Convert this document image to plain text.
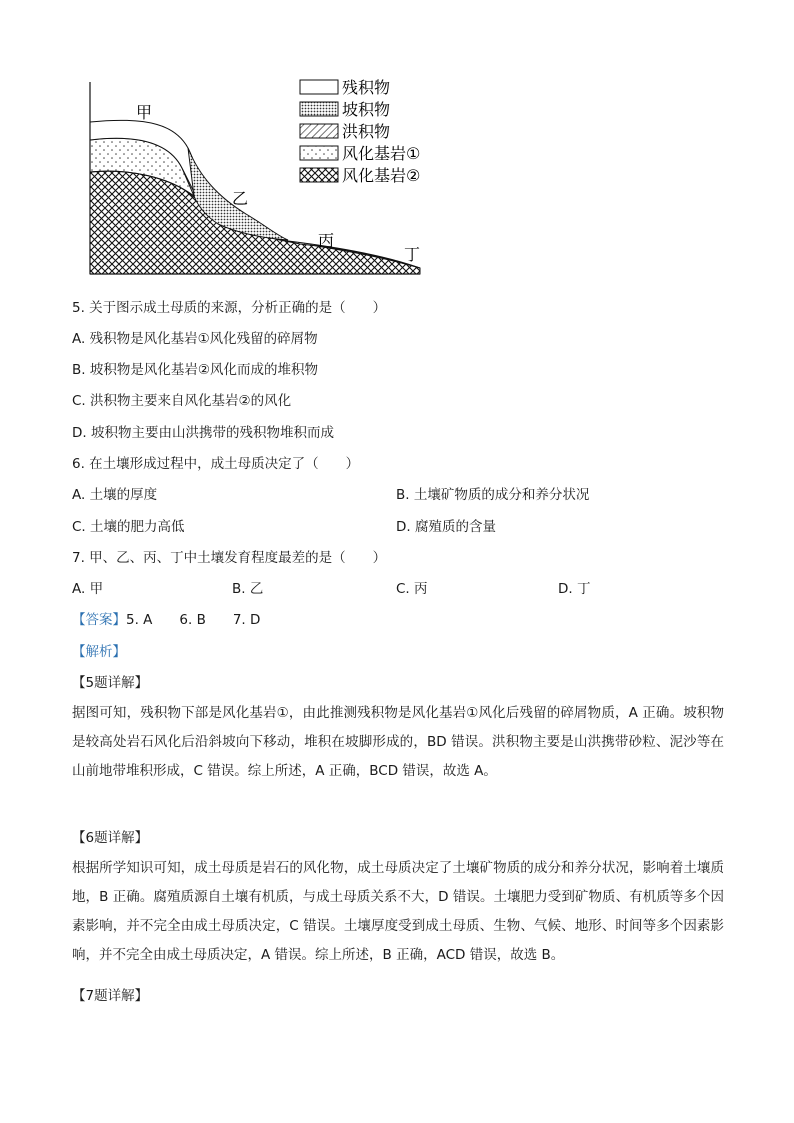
甲
乙
丙
丁
残积物
坡积物
洪积物
风化基岩①
风化基岩②
5. 关于图示成土母质的来源，分析正确的是（　　）
A. 残积物是风化基岩①风化残留的碎屑物
B. 坡积物是风化基岩②风化而成的堆积物
C. 洪积物主要来自风化基岩②的风化
D. 坡积物主要由山洪携带的残积物堆积而成
6. 在土壤形成过程中，成土母质决定了（　　）
A. 土壤的厚度	B. 土壤矿物质的成分和养分状况
C. 土壤的肥力高低	D. 腐殖质的含量
7. 甲、乙、丙、丁中土壤发育程度最差的是（　　）
A. 甲	B. 乙	C. 丙	D. 丁
【答案】5. A　　6. B　　7. D
【解析】
【5题详解】
据图可知，残积物下部是风化基岩①，由此推测残积物是风化基岩①风化后残留的碎屑物质，A 正确。坡积物是较高处岩石风化后沿斜坡向下移动，堆积在坡脚形成的，BD 错误。洪积物主要是山洪携带砂粒、泥沙等在山前地带堆积形成，C 错误。综上所述，A 正确，BCD 错误，故选 A。
【6题详解】
根据所学知识可知，成土母质是岩石的风化物，成土母质决定了土壤矿物质的成分和养分状况，影响着土壤质地，B 正确。腐殖质源自土壤有机质，与成土母质关系不大，D 错误。土壤肥力受到矿物质、有机质等多个因素影响，并不完全由成土母质决定，C 错误。土壤厚度受到成土母质、生物、气候、地形、时间等多个因素影响，并不完全由成土母质决定，A 错误。综上所述，B 正确，ACD 错误，故选 B。
【7题详解】
